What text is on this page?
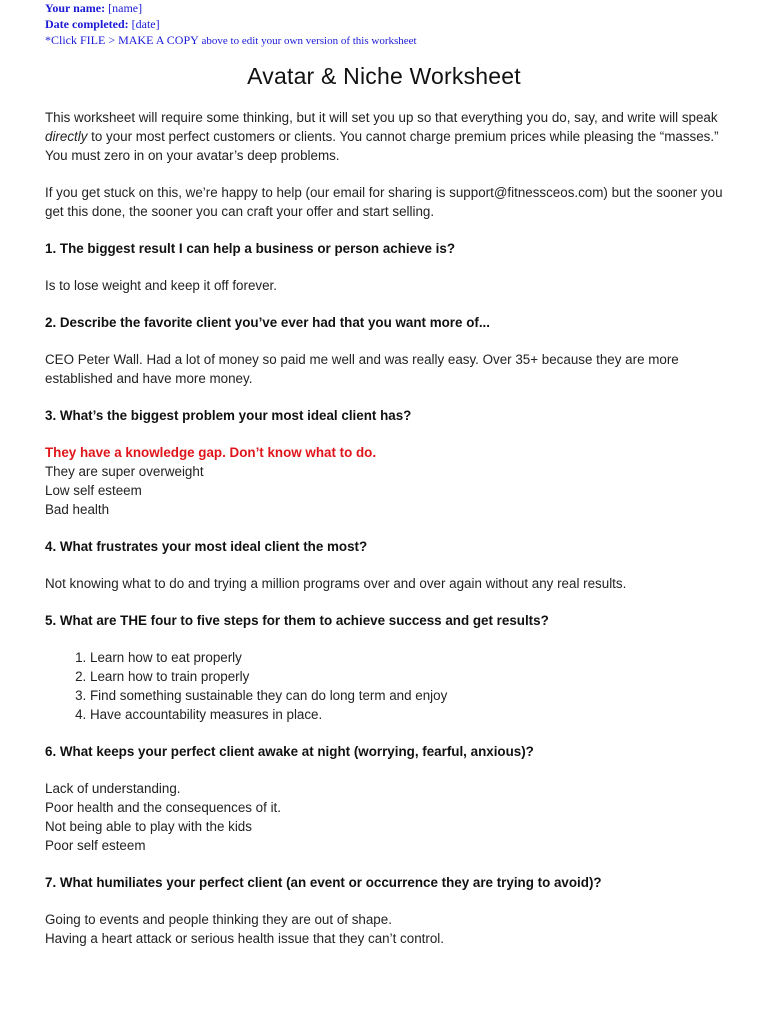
Your name: [name]
Date completed: [date]
*Click FILE > MAKE A COPY above to edit your own version of this worksheet
Avatar & Niche Worksheet

This worksheet will require some thinking, but it will set you up so that everything you do, say, and write will speak directly to your most perfect customers or clients. You cannot charge premium prices while pleasing the “masses.” You must zero in on your avatar’s deep problems.

If you get stuck on this, we’re happy to help (our email for sharing is support@fitnessceos.com) but the sooner you get this done, the sooner you can craft your offer and start selling.

1. The biggest result I can help a business or person achieve is?

Is to lose weight and keep it off forever.

2. Describe the favorite client you’ve ever had that you want more of...

CEO Peter Wall. Had a lot of money so paid me well and was really easy. Over 35+ because they are more established and have more money.

3. What’s the biggest problem your most ideal client has?

They have a knowledge gap. Don’t know what to do.
They are super overweight
Low self esteem
Bad health

4. What frustrates your most ideal client the most?

Not knowing what to do and trying a million programs over and over again without any real results.

5. What are THE four to five steps for them to achieve success and get results?

1. Learn how to eat properly
2. Learn how to train properly
3. Find something sustainable they can do long term and enjoy
4. Have accountability measures in place.

6. What keeps your perfect client awake at night (worrying, fearful, anxious)?

Lack of understanding.
Poor health and the consequences of it.
Not being able to play with the kids
Poor self esteem

7. What humiliates your perfect client (an event or occurrence they are trying to avoid)?

Going to events and people thinking they are out of shape.
Having a heart attack or serious health issue that they can’t control.
